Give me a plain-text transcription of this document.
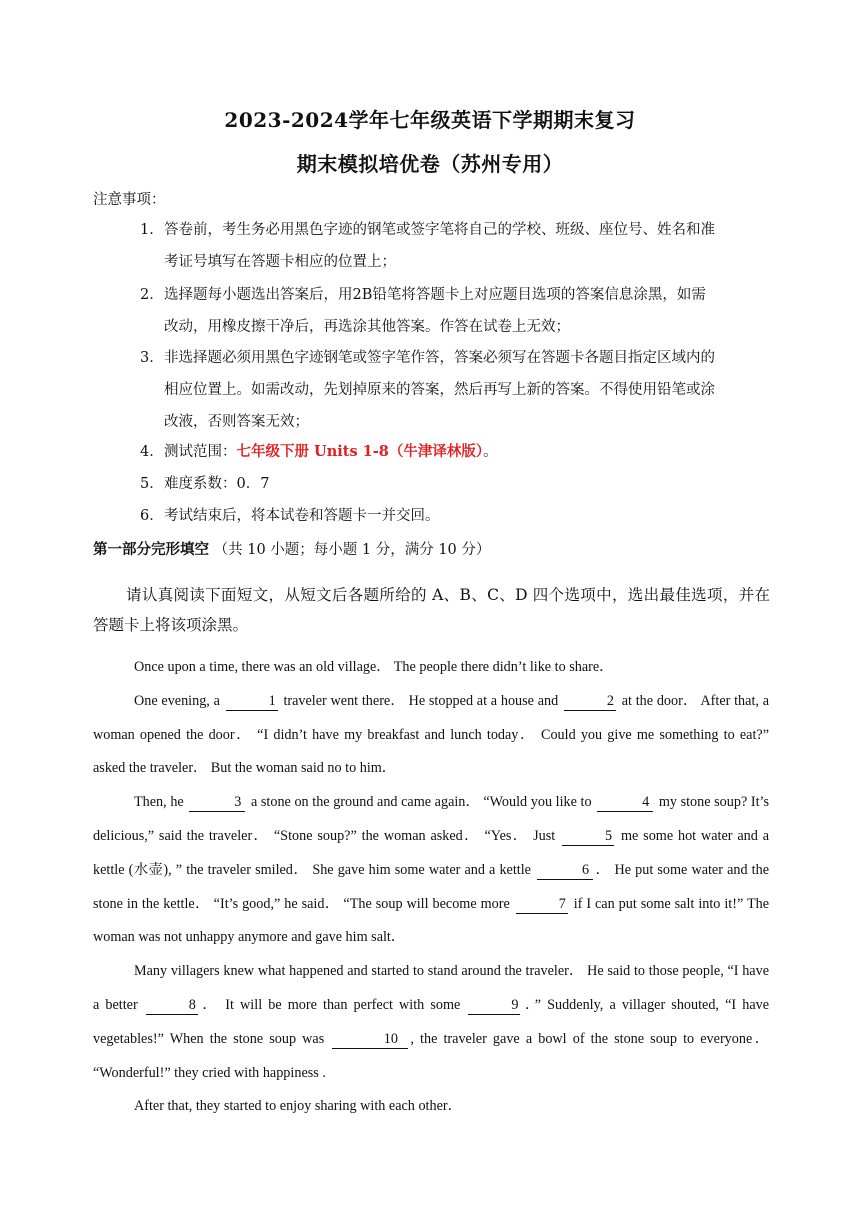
2023-2024学年七年级英语下学期期末复习
期末模拟培优卷（苏州专用）
注意事项：
1．答卷前，考生务必用黑色字迹的钢笔或签字笔将自己的学校、班级、座位号、姓名和准
考证号填写在答题卡相应的位置上；
2．选择题每小题选出答案后，用2B铅笔将答题卡上对应题目选项的答案信息涂黑，如需
改动，用橡皮擦干净后，再选涂其他答案。作答在试卷上无效；
3．非选择题必须用黑色字迹钢笔或签字笔作答，答案必须写在答题卡各题目指定区域内的
相应位置上。如需改动，先划掉原来的答案，然后再写上新的答案。不得使用铅笔或涂
改液，否则答案无效；
4．测试范围：七年级下册 Units 1-8（牛津译林版）。
5．难度系数：0．7
6．考试结束后，将本试卷和答题卡一并交回。
第一部分完形填空 （共 10 小题；每小题 1 分，满分 10 分）
请认真阅读下面短文，从短文后各题所给的 A、B、C、D 四个选项中，选出最佳选项，并在答题卡上将该项涂黑。

Once upon a time, there was an old village． The people there didn’t like to share．

One evening, a	1 traveler went there． He stopped at a house and	2 at the door． After that, a woman opened the door． “I didn’t have my breakfast and lunch today． Could you give me something to eat?” asked the traveler． But the woman said no to him．

Then, he	3 a stone on the ground and came again． “Would you like to	4 my stone soup? It’s delicious,” said the traveler． “Stone soup?” the woman asked． “Yes． Just	5 me some hot water and a kettle (水壶), ” the traveler smiled． She gave him some water and a kettle	6 ． He put some water and the stone in the kettle． “It’s good,” he said． “The soup will become more	7 if I can put some salt into it!” The woman was not unhappy anymore and gave him salt．

Many villagers knew what happened and started to stand around the traveler． He said to those people, “I have a better	8 ． It will be more than perfect with some	9 ．” Suddenly, a villager shouted, “I have vegetables!” When the stone soup was	10 , the traveler gave a bowl of the stone soup to everyone． “Wonderful!” they cried with happiness .

After that, they started to enjoy sharing with each other．
